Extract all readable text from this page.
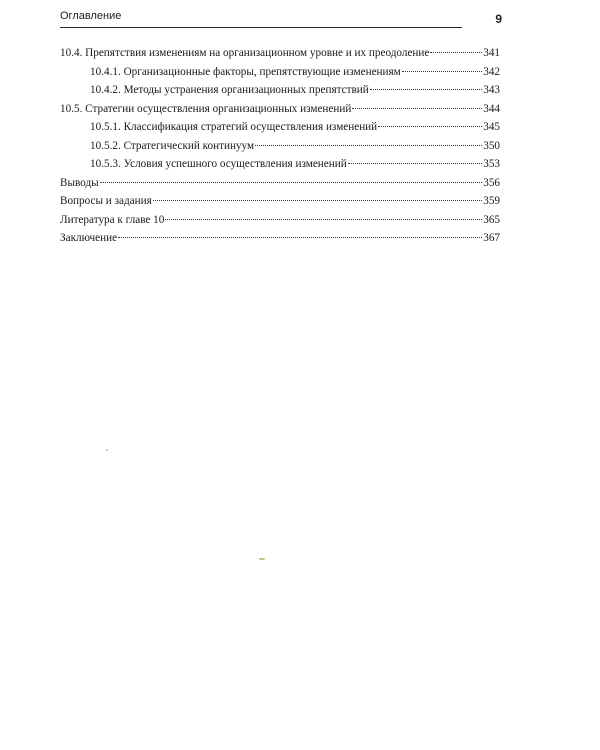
Оглавление	9
10.4. Препятствия изменениям на организационном уровне и их преодоление	341
10.4.1. Организационные факторы, препятствующие изменениям	342
10.4.2. Методы устранения организационных препятствий	343
10.5. Стратегии осуществления организационных изменений	344
10.5.1. Классификация стратегий осуществления изменений	345
10.5.2. Стратегический континуум	350
10.5.3. Условия успешного осуществления изменений	353
Выводы	356
Вопросы и задания	359
Литература к главе 10	365
Заключение	367
